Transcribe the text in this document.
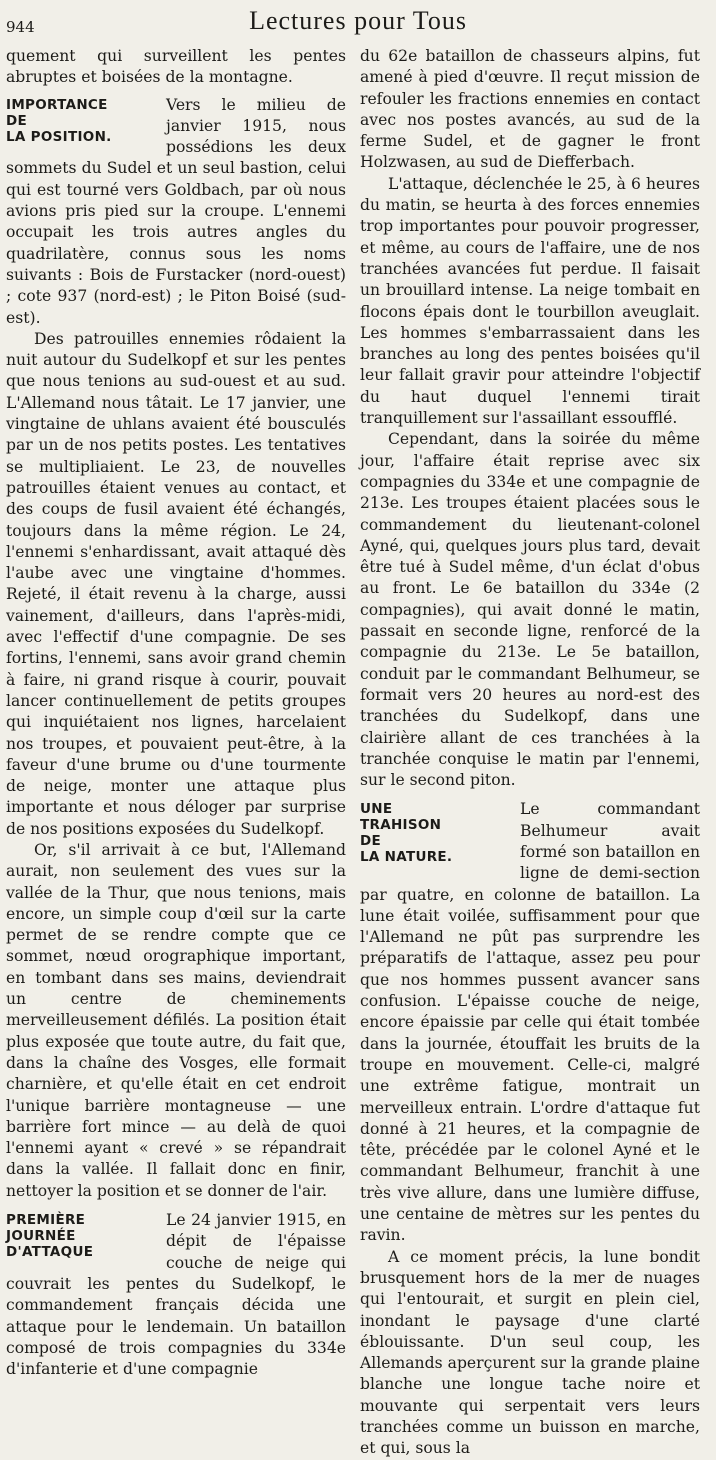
944	Lectures pour Tous

quement qui surveillent les pentes abruptes et boisées de la montagne.

IMPORTANCE
DE
LA POSITION.

Vers le milieu de janvier 1915, nous possédions les deux sommets du Sudel et un seul bastion, celui qui est tourné vers Goldbach, par où nous avions pris pied sur la croupe. L'ennemi occupait les trois autres angles du quadrilatère, connus sous les noms suivants : Bois de Furstacker (nord-ouest) ; cote 937 (nord-est) ; le Piton Boisé (sud-est).

Des patrouilles ennemies rôdaient la nuit autour du Sudelkopf et sur les pentes que nous tenions au sud-ouest et au sud. L'Allemand nous tâtait. Le 17 janvier, une vingtaine de uhlans avaient été bousculés par un de nos petits postes. Les tentatives se multipliaient. Le 23, de nouvelles patrouilles étaient venues au contact, et des coups de fusil avaient été échangés, toujours dans la même région. Le 24, l'ennemi s'enhardissant, avait attaqué dès l'aube avec une vingtaine d'hommes. Rejeté, il était revenu à la charge, aussi vainement, d'ailleurs, dans l'après-midi, avec l'effectif d'une compagnie. De ses fortins, l'ennemi, sans avoir grand chemin à faire, ni grand risque à courir, pouvait lancer continuellement de petits groupes qui inquiétaient nos lignes, harcelaient nos troupes, et pouvaient peut-être, à la faveur d'une brume ou d'une tourmente de neige, monter une attaque plus importante et nous déloger par surprise de nos positions exposées du Sudelkopf.

Or, s'il arrivait à ce but, l'Allemand aurait, non seulement des vues sur la vallée de la Thur, que nous tenions, mais encore, un simple coup d'œil sur la carte permet de se rendre compte que ce sommet, nœud orographique important, en tombant dans ses mains, deviendrait un centre de cheminements merveilleusement défilés. La position était plus exposée que toute autre, du fait que, dans la chaîne des Vosges, elle formait charnière, et qu'elle était en cet endroit l'unique barrière montagneuse — une barrière fort mince — au delà de quoi l'ennemi ayant « crevé » se répandrait dans la vallée. Il fallait donc en finir, nettoyer la position et se donner de l'air.

PREMIÈRE
JOURNÉE
D'ATTAQUE

Le 24 janvier 1915, en dépit de l'épaisse couche de neige qui couvrait les pentes du Sudelkopf, le commandement français décida une attaque pour le lendemain. Un bataillon composé de trois compagnies du 334e d'infanterie et d'une compagnie

du 62e bataillon de chasseurs alpins, fut amené à pied d'œuvre. Il reçut mission de refouler les fractions ennemies en contact avec nos postes avancés, au sud de la ferme Sudel, et de gagner le front Holzwasen, au sud de Diefferbach.

L'attaque, déclenchée le 25, à 6 heures du matin, se heurta à des forces ennemies trop importantes pour pouvoir progresser, et même, au cours de l'affaire, une de nos tranchées avancées fut perdue. Il faisait un brouillard intense. La neige tombait en flocons épais dont le tourbillon aveuglait. Les hommes s'embarrassaient dans les branches au long des pentes boisées qu'il leur fallait gravir pour atteindre l'objectif du haut duquel l'ennemi tirait tranquillement sur l'assaillant essoufflé.

Cependant, dans la soirée du même jour, l'affaire était reprise avec six compagnies du 334e et une compagnie de 213e. Les troupes étaient placées sous le commandement du lieutenant-colonel Ayné, qui, quelques jours plus tard, devait être tué à Sudel même, d'un éclat d'obus au front. Le 6e bataillon du 334e (2 compagnies), qui avait donné le matin, passait en seconde ligne, renforcé de la compagnie du 213e. Le 5e bataillon, conduit par le commandant Belhumeur, se formait vers 20 heures au nord-est des tranchées du Sudelkopf, dans une clairière allant de ces tranchées à la tranchée conquise le matin par l'ennemi, sur le second piton.

UNE
TRAHISON
DE
LA NATURE.

Le commandant Belhumeur avait formé son bataillon en ligne de demi-section par quatre, en colonne de bataillon. La lune était voilée, suffisamment pour que l'Allemand ne pût pas surprendre les préparatifs de l'attaque, assez peu pour que nos hommes pussent avancer sans confusion. L'épaisse couche de neige, encore épaissie par celle qui était tombée dans la journée, étouffait les bruits de la troupe en mouvement. Celle-ci, malgré une extrême fatigue, montrait un merveilleux entrain. L'ordre d'attaque fut donné à 21 heures, et la compagnie de tête, précédée par le colonel Ayné et le commandant Belhumeur, franchit à une très vive allure, dans une lumière diffuse, une centaine de mètres sur les pentes du ravin.

A ce moment précis, la lune bondit brusquement hors de la mer de nuages qui l'entourait, et surgit en plein ciel, inondant le paysage d'une clarté éblouissante. D'un seul coup, les Allemands aperçurent sur la grande plaine blanche une longue tache noire et mouvante qui serpentait vers leurs tranchées comme un buisson en marche, et qui, sous la
